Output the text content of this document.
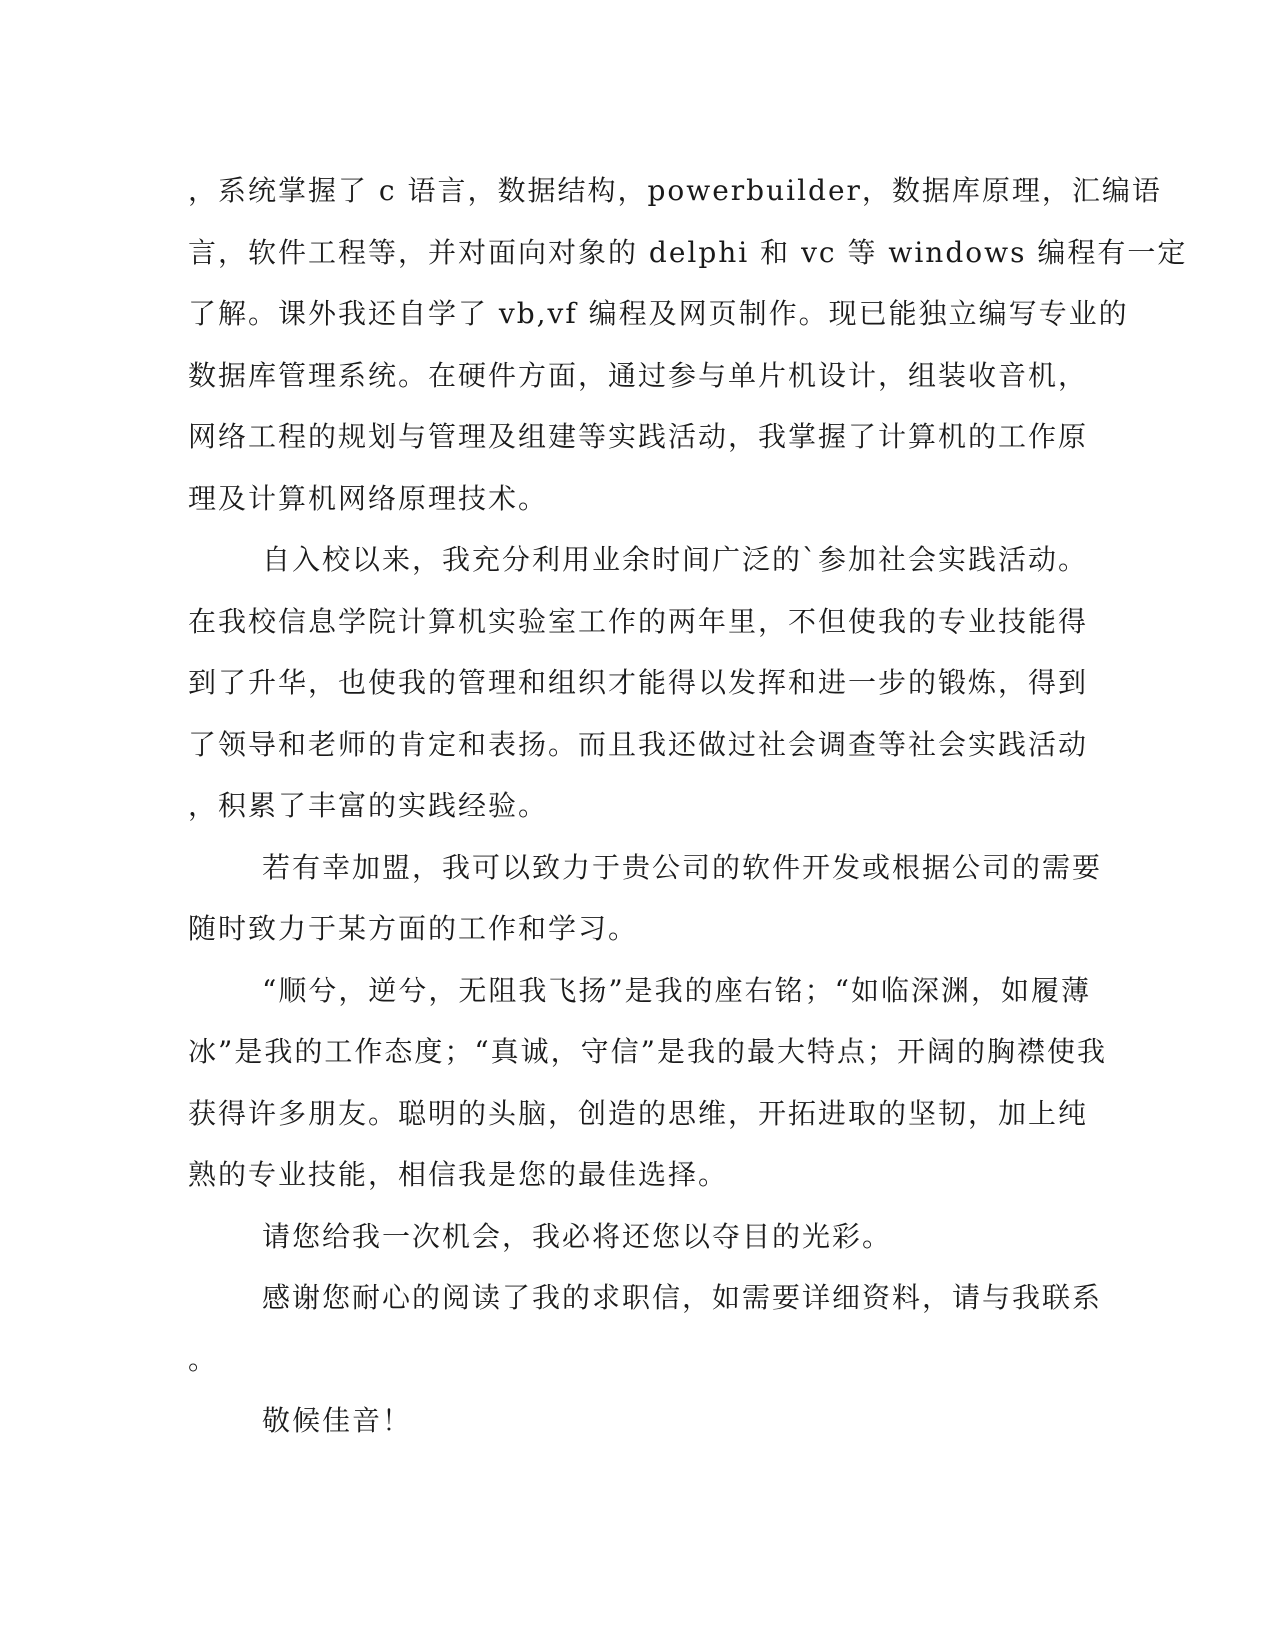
，系统掌握了 c 语言，数据结构，powerbuilder，数据库原理，汇编语
言，软件工程等，并对面向对象的 delphi 和 vc 等 windows 编程有一定
了解。课外我还自学了 vb,vf 编程及网页制作。现已能独立编写专业的
数据库管理系统。在硬件方面，通过参与单片机设计，组装收音机，
网络工程的规划与管理及组建等实践活动，我掌握了计算机的工作原
理及计算机网络原理技术。
自入校以来，我充分利用业余时间广泛的`参加社会实践活动。
在我校信息学院计算机实验室工作的两年里，不但使我的专业技能得
到了升华，也使我的管理和组织才能得以发挥和进一步的锻炼，得到
了领导和老师的肯定和表扬。而且我还做过社会调查等社会实践活动
，积累了丰富的实践经验。
若有幸加盟，我可以致力于贵公司的软件开发或根据公司的需要
随时致力于某方面的工作和学习。
“顺兮，逆兮，无阻我飞扬”是我的座右铭；“如临深渊，如履薄
冰”是我的工作态度；“真诚，守信”是我的最大特点；开阔的胸襟使我
获得许多朋友。聪明的头脑，创造的思维，开拓进取的坚韧，加上纯
熟的专业技能，相信我是您的最佳选择。
请您给我一次机会，我必将还您以夺目的光彩。
感谢您耐心的阅读了我的求职信，如需要详细资料，请与我联系
。
敬候佳音！
